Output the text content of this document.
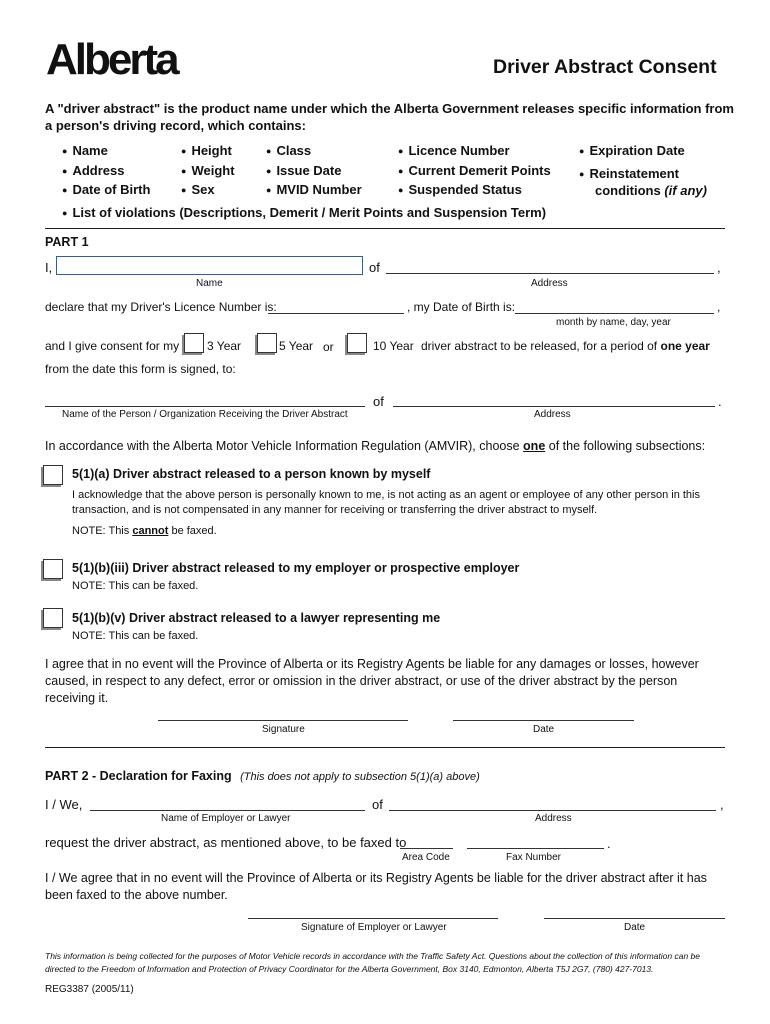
Alberta	Driver Abstract Consent
A "driver abstract" is the product name under which the Alberta Government releases specific information from a person's driving record, which contains:
● Name
● Address
● Date of Birth
● Height
● Weight
● Sex
● Class
● Issue Date
● MVID Number
● Licence Number
● Current Demerit Points
● Suspended Status
● Expiration Date
● Reinstatement
conditions (if any)
● List of violations (Descriptions, Demerit / Merit Points and Suspension Term)
PART 1
I,	of	,
Name	Address
declare that my Driver's Licence Number is:	, my Date of Birth is:	,
month by name, day, year
and I give consent for my 3 Year	5 Year or	10 Year driver abstract to be released, for a period of one year
from the date this form is signed, to:
of	.
Name of the Person / Organization Receiving the Driver Abstract	Address
In accordance with the Alberta Motor Vehicle Information Regulation (AMVIR), choose one of the following subsections:
5(1)(a) Driver abstract released to a person known by myself
I acknowledge that the above person is personally known to me, is not acting as an agent or employee of any other person in this transaction, and is not compensated in any manner for receiving or transferring the driver abstract to myself.
NOTE: This cannot be faxed.
5(1)(b)(iii) Driver abstract released to my employer or prospective employer
NOTE: This can be faxed.
5(1)(b)(v) Driver abstract released to a lawyer representing me
NOTE: This can be faxed.
I agree that in no event will the Province of Alberta or its Registry Agents be liable for any damages or losses, however caused, in respect to any defect, error or omission in the driver abstract, or use of the driver abstract by the person receiving it.
Signature	Date
PART 2 - Declaration for Faxing (This does not apply to subsection 5(1)(a) above)
I / We,	of	,
Name of Employer or Lawyer	Address
request the driver abstract, as mentioned above, to be faxed to	.
Area Code	Fax Number
I / We agree that in no event will the Province of Alberta or its Registry Agents be liable for the driver abstract after it has been faxed to the above number.
Signature of Employer or Lawyer	Date
This information is being collected for the purposes of Motor Vehicle records in accordance with the Traffic Safety Act. Questions about the collection of this information can be directed to the Freedom of Information and Protection of Privacy Coordinator for the Alberta Government, Box 3140, Edmonton, Alberta T5J 2G7, (780) 427-7013.
REG3387 (2005/11)
